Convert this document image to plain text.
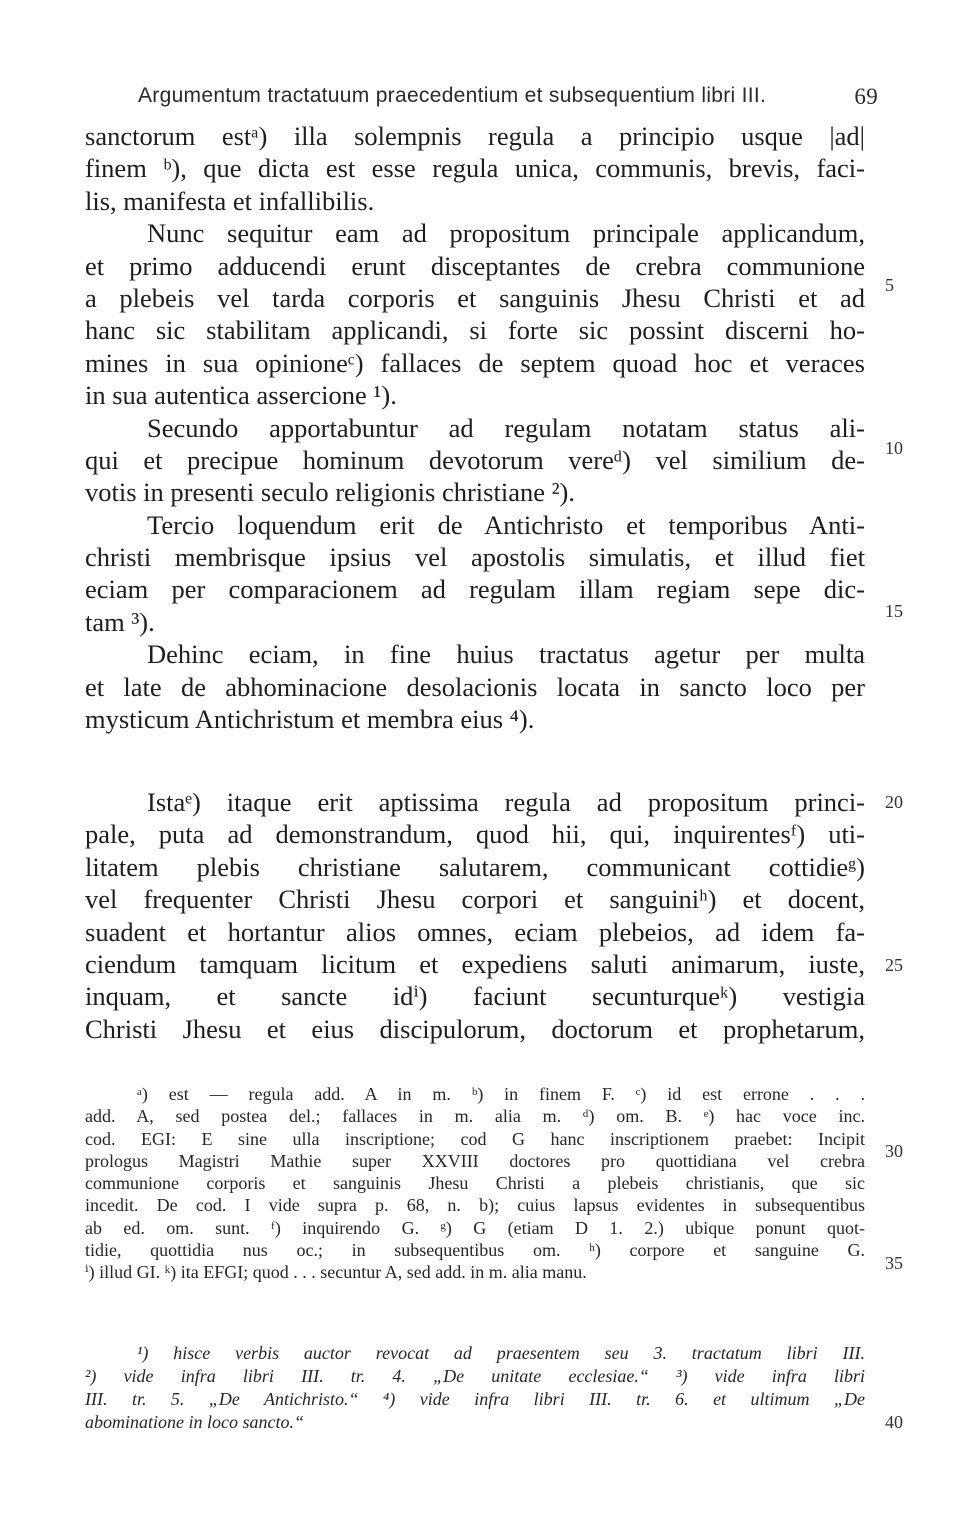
Argumentum tractatuum praecedentium et subsequentium libri III.	69
sanctorum estᵃ) illa solempnis regula a principio usque |ad|
finem ᵇ), que dicta est esse regula unica, communis, brevis, faci-
lis, manifesta et infallibilis.
Nunc sequitur eam ad propositum principale applicandum,
et primo adducendi erunt disceptantes de crebra communione
a plebeis vel tarda corporis et sanguinis Jhesu Christi et ad
hanc sic stabilitam applicandi, si forte sic possint discerni ho-
mines in sua opinioneᶜ) fallaces de septem quoad hoc et veraces
in sua autentica assercione ¹).
Secundo apportabuntur ad regulam notatam status ali-
qui et precipue hominum devotorum vereᵈ) vel similium de-
votis in presenti seculo religionis christiane ²).
Tercio loquendum erit de Antichristo et temporibus Anti-
christi membrisque ipsius vel apostolis simulatis, et illud fiet
eciam per comparacionem ad regulam illam regiam sepe dic-
tam ³).
Dehinc eciam, in fine huius tractatus agetur per multa
et late de abhominacione desolacionis locata in sancto loco per
mysticum Antichristum et membra eius ⁴).
Istaᵉ) itaque erit aptissima regula ad propositum princi-
pale, puta ad demonstrandum, quod hii, qui, inquirentesᶠ) uti-
litatem plebis christiane salutarem, communicant cottidieᵍ)
vel frequenter Christi Jhesu corpori et sanguiniʰ) et docent,
suadent et hortantur alios omnes, eciam plebeios, ad idem fa-
ciendum tamquam licitum et expediens saluti animarum, iuste,
inquam, et sancte idⁱ) faciunt secunturqueᵏ) vestigia
Christi Jhesu et eius discipulorum, doctorum et prophetarum,
ᵃ) est — regula add. A in m. ᵇ) in finem F. ᶜ) id est errone . . .
add. A, sed postea del.; fallaces in m. alia m. ᵈ) om. B. ᵉ) hac voce inc.
cod. EGI: E sine ulla inscriptione; cod G hanc inscriptionem praebet: Incipit
prologus Magistri Mathie super XXVIII doctores pro quottidiana vel crebra
communione corporis et sanguinis Jhesu Christi a plebeis christianis, que sic
incedit. De cod. I vide supra p. 68, n. b); cuius lapsus evidentes in subsequentibus
ab ed. om. sunt. ᶠ) inquirendo G. ᵍ) G (etiam D 1. 2.) ubique ponunt quot-
tidie, quottidia nus oc.; in subsequentibus om. ʰ) corpore et sanguine G.
ⁱ) illud GI. ᵏ) ita EFGI; quod . . . secuntur A, sed add. in m. alia manu.
¹) hisce verbis auctor revocat ad praesentem seu 3. tractatum libri III.
²) vide infra libri III. tr. 4. „De unitate ecclesiae.“ ³) vide infra libri
III. tr. 5. „De Antichristo.“ ⁴) vide infra libri III. tr. 6. et ultimum „De
abominatione in loco sancto.“
5
10
15
20
25
30
35
40
